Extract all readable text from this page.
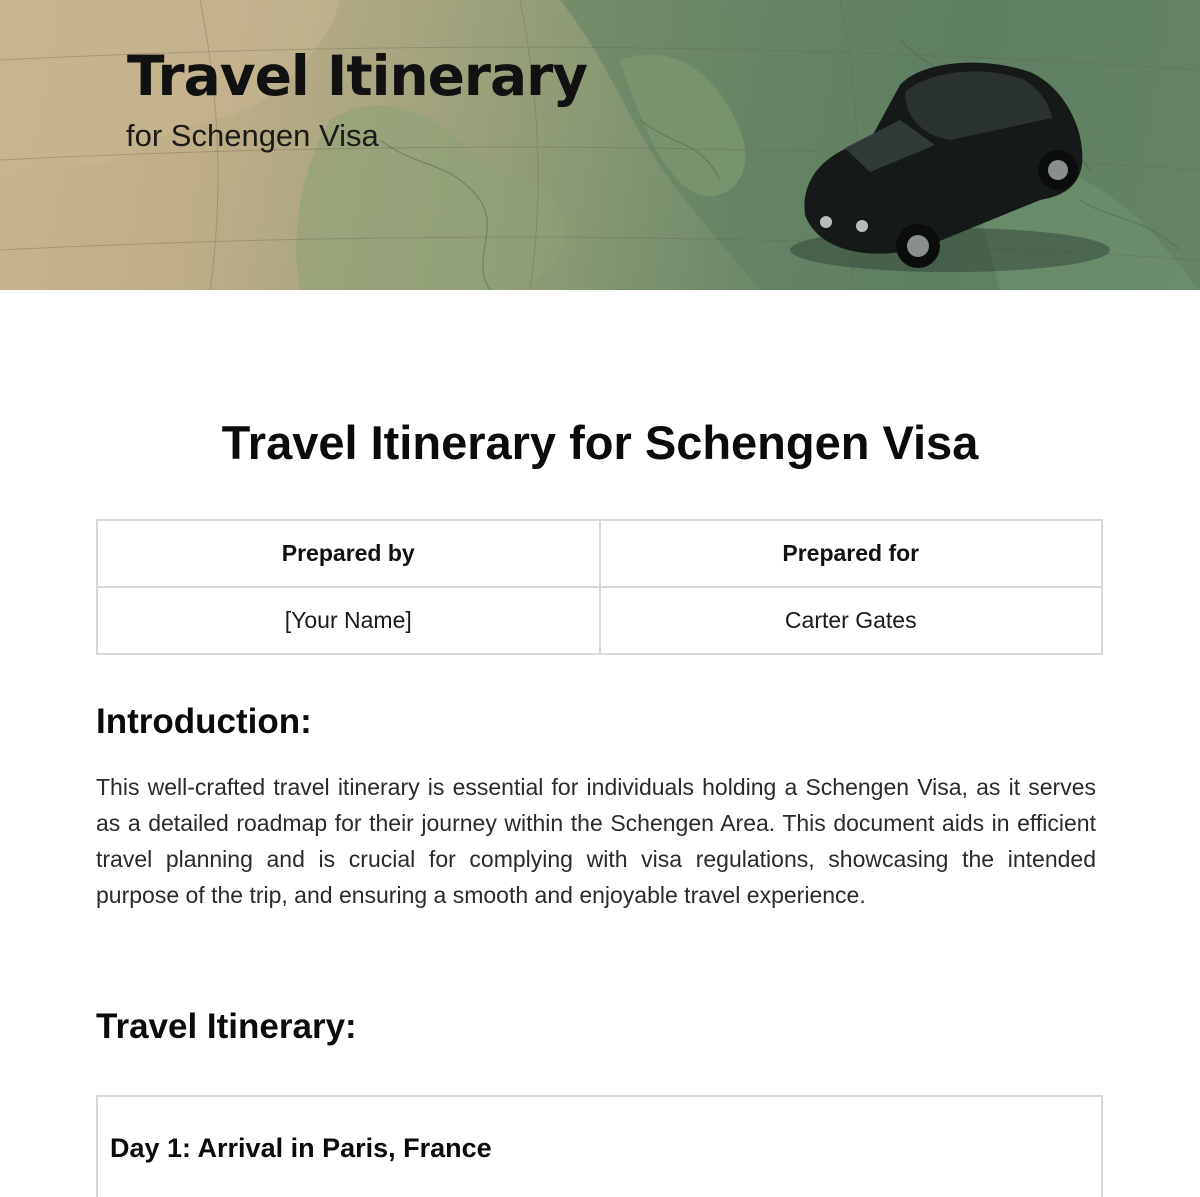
Travel Itinerary
for Schengen Visa
Travel Itinerary for Schengen Visa
Prepared by	Prepared for
[Your Name]	Carter Gates
Introduction:

This well-crafted travel itinerary is essential for individuals holding a Schengen Visa, as it serves as a detailed roadmap for their journey within the Schengen Area. This document aids in efficient travel planning and is crucial for complying with visa regulations, showcasing the intended purpose of the trip, and ensuring a smooth and enjoyable travel experience.

Travel Itinerary:
Day 1: Arrival in Paris, France
